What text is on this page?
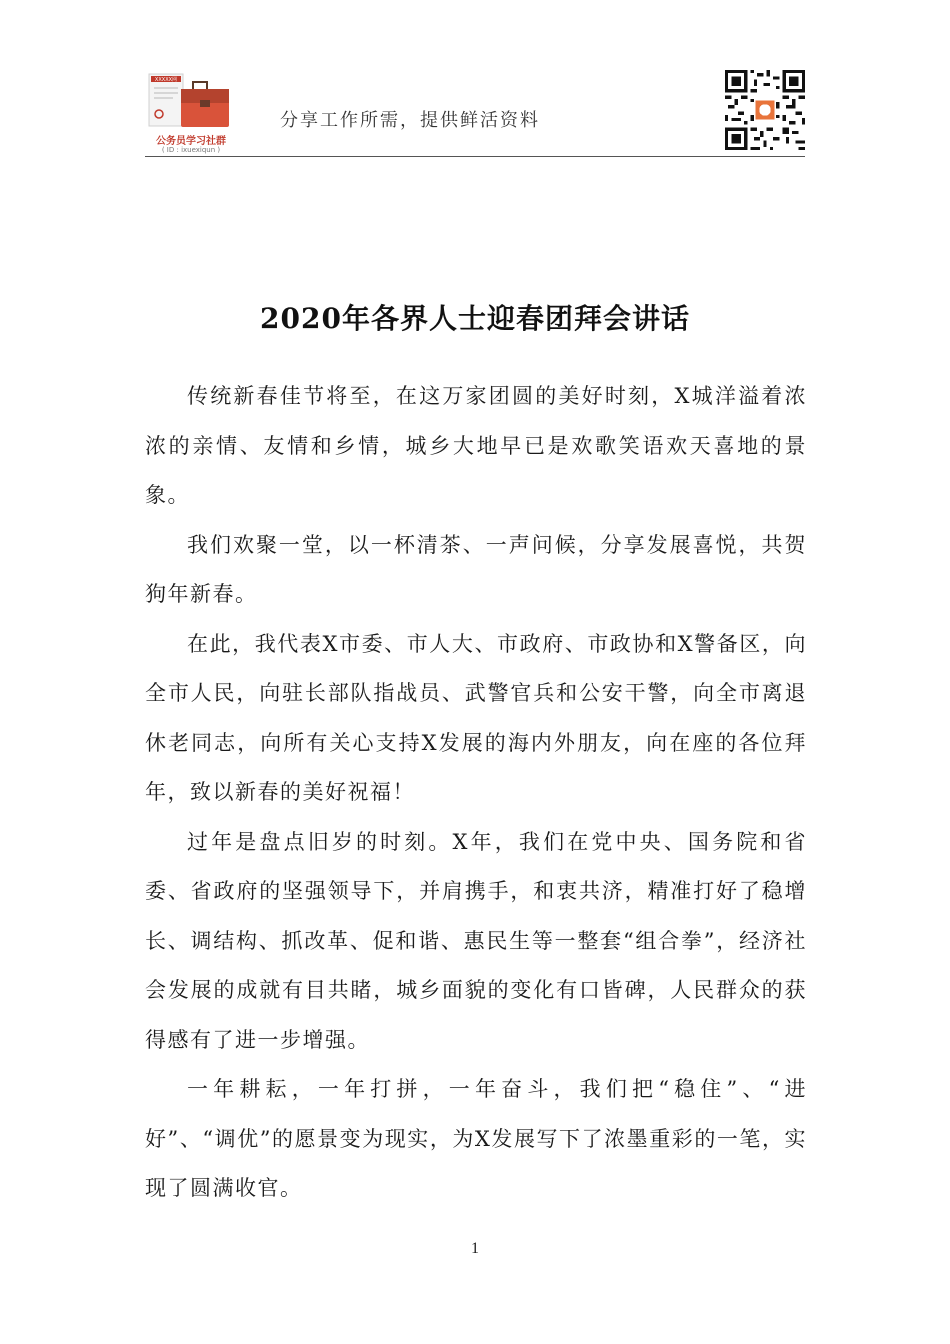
XXXXX网
公务员学习社群
( ID : ixuexiqun )
分享工作所需，提供鲜活资料
2020年各界人士迎春团拜会讲话

传统新春佳节将至，在这万家团圆的美好时刻，X城洋溢着浓浓的亲情、友情和乡情，城乡大地早已是欢歌笑语欢天喜地的景象。

我们欢聚一堂，以一杯清茶、一声问候，分享发展喜悦，共贺狗年新春。

在此，我代表X市委、市人大、市政府、市政协和X警备区，向全市人民，向驻长部队指战员、武警官兵和公安干警，向全市离退休老同志，向所有关心支持X发展的海内外朋友，向在座的各位拜年，致以新春的美好祝福！

过年是盘点旧岁的时刻。X年，我们在党中央、国务院和省委、省政府的坚强领导下，并肩携手，和衷共济，精准打好了稳增长、调结构、抓改革、促和谐、惠民生等一整套“组合拳”，经济社会发展的成就有目共睹，城乡面貌的变化有口皆碑，人民群众的获得感有了进一步增强。

一年耕耘，一年打拼，一年奋斗，我们把“稳住”、“进好”、“调优”的愿景变为现实，为X发展写下了浓墨重彩的一笔，实现了圆满收官。

1
